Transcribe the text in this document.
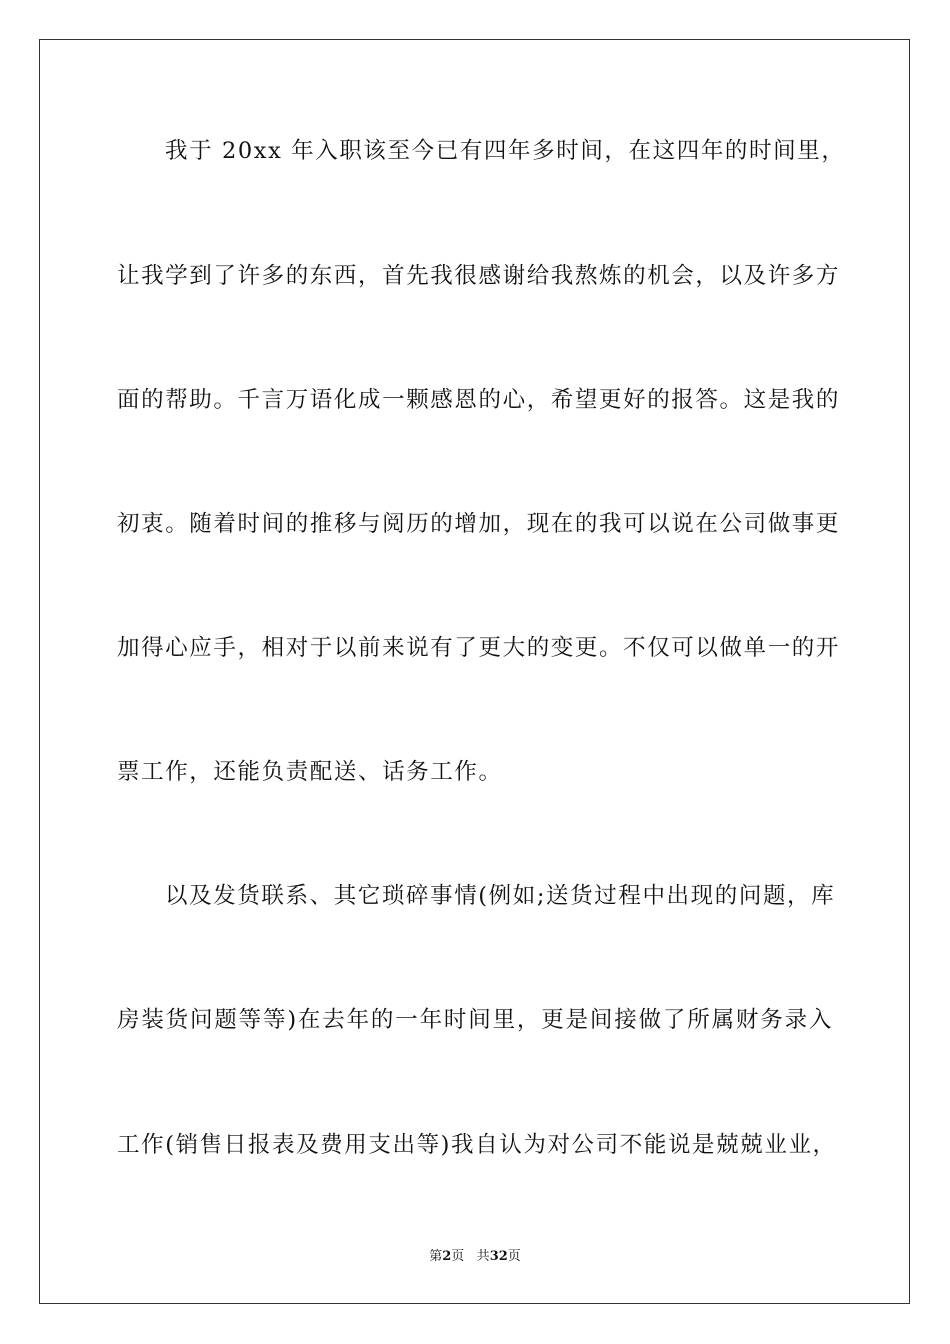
我于 20xx 年入职该至今已有四年多时间，在这四年的时间里，
让我学到了许多的东西，首先我很感谢给我熬炼的机会，以及许多方
面的帮助。千言万语化成一颗感恩的心，希望更好的报答。这是我的
初衷。随着时间的推移与阅历的增加，现在的我可以说在公司做事更
加得心应手，相对于以前来说有了更大的变更。不仅可以做单一的开
票工作，还能负责配送、话务工作。
以及发货联系、其它琐碎事情(例如;送货过程中出现的问题，库
房装货问题等等)在去年的一年时间里，更是间接做了所属财务录入
工作(销售日报表及费用支出等)我自认为对公司不能说是兢兢业业，
第2页 共32页
